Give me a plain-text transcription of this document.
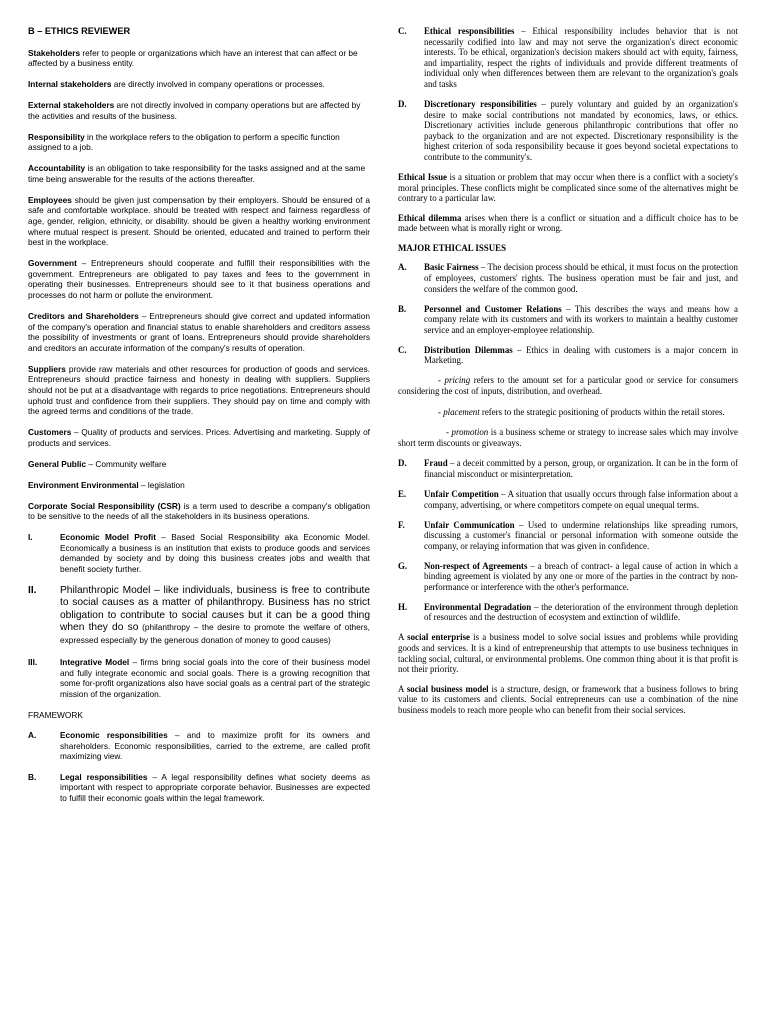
B – ETHICS REVIEWER

Stakeholders refer to people or organizations which have an interest that can affect or be affected by a business entity.

Internal stakeholders are directly involved in company operations or processes.

External stakeholders are not directly involved in company operations but are affected by the activities and results of the business.

Responsibility in the workplace refers to the obligation to perform a specific function assigned to a job.

Accountability is an obligation to take responsibility for the tasks assigned and at the same time being answerable for the results of the actions thereafter.

Employees should be given just compensation by their employers. Should be ensured of a safe and comfortable workplace. should be treated with respect and fairness regardless of age, gender, religion, ethnicity, or disability. should be given a healthy working environment where mutual respect is present. Should be oriented, educated and trained to perform their best in the workplace.

Government – Entrepreneurs should cooperate and fulfill their responsibilities with the government. Entrepreneurs are obligated to pay taxes and fees to the government in operating their businesses. Entrepreneurs should see to it that business operations and processes do not harm or pollute the environment.

Creditors and Shareholders – Entrepreneurs should give correct and updated information of the company's operation and financial status to enable shareholders and creditors assess the possibility of investments or grant of loans. Entrepreneurs should provide shareholders and creditors an accurate information of the company's results of operation.

Suppliers provide raw materials and other resources for production of goods and services. Entrepreneurs should practice fairness and honesty in dealing with suppliers. Suppliers should not be put at a disadvantage with regards to price negotiations. Entrepreneurs should uphold trust and confidence from their suppliers. They should pay on time and comply with the agreed terms and conditions of the trade.

Customers – Quality of products and services. Prices. Advertising and marketing. Supply of products and services.

General Public – Community welfare

Environment Environmental – legislation

Corporate Social Responsibility (CSR) is a term used to describe a company's obligation to be sensitive to the needs of all the stakeholders in its business operations.

I.	Economic Model Profit – Based Social Responsibility aka Economic Model. Economically a business is an institution that exists to produce goods and services demanded by society and by doing this business creates jobs and wealth that benefit society further.
II.	Philanthropic Model – like individuals, business is free to contribute to social causes as a matter of philanthropy. Business has no strict obligation to contribute to social causes but it can be a good thing when they do so (philanthropy – the desire to promote the welfare of others, expressed especially by the generous donation of money to good causes)
III.	Integrative Model – firms bring social goals into the core of their business model and fully integrate economic and social goals. There is a growing recognition that some for-profit organizations also have social goals as a central part of the strategic mission of the organization.

FRAMEWORK

A.	Economic responsibilities – and to maximize profit for its owners and shareholders. Economic responsibilities, carried to the extreme, are called profit maximizing view.
B.	Legal responsibilities – A legal responsibility defines what society deems as important with respect to appropriate corporate behavior. Businesses are expected to fulfill their economic goals within the legal framework.
C.	Ethical responsibilities – Ethical responsibility includes behavior that is not necessarily codified into law and may not serve the organization's direct economic interests. To be ethical, organization's decision makers should act with equity, fairness, and impartiality, respect the rights of individuals and provide different treatments of individual only when differences between them are relevant to the organization's goals and tasks
D.	Discretionary responsibilities – purely voluntary and guided by an organization's desire to make social contributions not mandated by economics, laws, or ethics. Discretionary activities include generous philanthropic contributions that offer no payback to the organization and are not expected. Discretionary responsibility is the highest criterion of soda responsibility because it goes beyond societal expectations to contribute to the community's.

Ethical Issue is a situation or problem that may occur when there is a conflict with a society's moral principles. These conflicts might be complicated since some of the alternatives might be contrary to a particular law.

Ethical dilemma arises when there is a conflict or situation and a difficult choice has to be made between what is morally right or wrong.

MAJOR ETHICAL ISSUES

A.	Basic Fairness – The decision process should be ethical, it must focus on the protection of employees, customers' rights. The business operation must be fair and just, and considers the welfare of the common good.
B.	Personnel and Customer Relations – This describes the ways and means how a company relate with its customers and with its workers to maintain a healthy customer service and an employer-employee relationship.
C.	Distribution Dilemmas – Ethics in dealing with customers is a major concern in Marketing.

- pricing refers to the amount set for a particular good or service for consumers considering the cost of inputs, distribution, and overhead.

- placement refers to the strategic positioning of products within the retail stores.

- promotion is a business scheme or strategy to increase sales which may involve short term discounts or giveaways.

D.	Fraud – a deceit committed by a person, group, or organization. It can be in the form of financial misconduct or misinterpretation.
E.	Unfair Competition – A situation that usually occurs through false information about a company, advertising, or where competitors compete on equal unequal terms.
F.	Unfair Communication – Used to undermine relationships like spreading rumors, discussing a customer's financial or personal information with someone outside the company, or relaying information that was given in confidence.
G.	Non-respect of Agreements – a breach of contract- a legal cause of action in which a binding agreement is violated by any one or more of the parties in the contract by non-performance or interference with the other's performance.
H.	Environmental Degradation – the deterioration of the environment through depletion of resources and the destruction of ecosystem and extinction of wildlife.

A social enterprise is a business model to solve social issues and problems while providing goods and services. It is a kind of entrepreneurship that attempts to use business techniques in tackling social, cultural, or environmental problems. One common thing about it is that profit is not their priority.

A social business model is a structure, design, or framework that a business follows to bring value to its customers and clients. Social entrepreneurs can use a combination of the nine business models to reach more people who can benefit from their social services.
